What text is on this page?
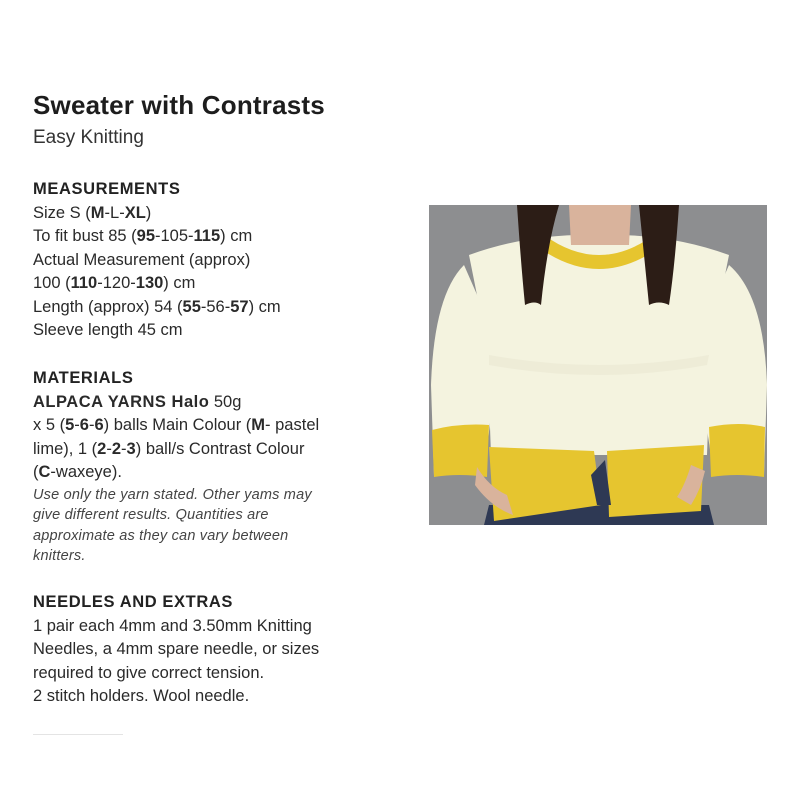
Sweater with Contrasts
Easy Knitting
MEASUREMENTS
Size S (M-L-XL)
To fit bust 85 (95-105-115) cm
Actual Measurement (approx)
100 (110-120-130) cm
Length (approx) 54 (55-56-57) cm
Sleeve length 45 cm
MATERIALS
ALPACA YARNS Halo 50g
x 5 (5-6-6) balls Main Colour (M- pastel
lime), 1 (2-2-3) ball/s Contrast Colour
(C-waxeye).
Use only the yarn stated. Other yams may
give different results. Quantities are
approximate as they can vary between
knitters.
NEEDLES AND EXTRAS
1 pair each 4mm and 3.50mm Knitting
Needles, a 4mm spare needle, or sizes
required to give correct tension.
2 stitch holders. Wool needle.
